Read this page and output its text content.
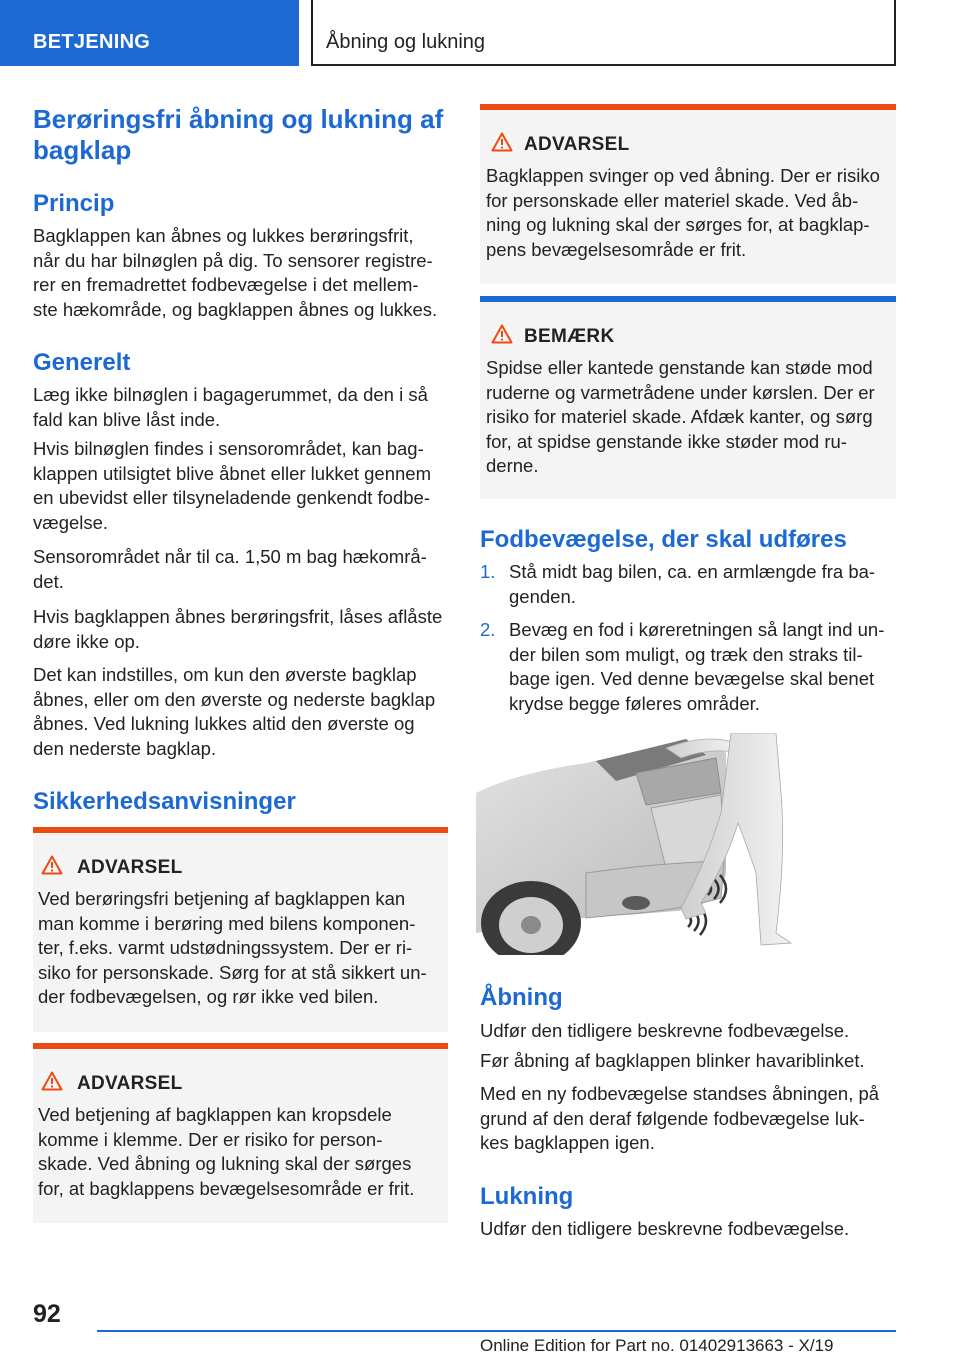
BETJENING	Åbning og lukning
Berøringsfri åbning og lukning af bagklap
Princip
Bagklappen kan åbnes og lukkes berøringsfrit,
når du har bilnøglen på dig. To sensorer registre-
rer en fremadrettet fodbevægelse i det mellem-
ste hækområde, og bagklappen åbnes og lukkes.
Generelt
Læg ikke bilnøglen i bagagerummet, da den i så
fald kan blive låst inde.
Hvis bilnøglen findes i sensorområdet, kan bag-
klappen utilsigtet blive åbnet eller lukket gennem
en ubevidst eller tilsyneladende genkendt fodbe-
vægelse.
Sensorområdet når til ca. 1,50 m bag hækområ-
det.
Hvis bagklappen åbnes berøringsfrit, låses aflåste
døre ikke op.
Det kan indstilles, om kun den øverste bagklap
åbnes, eller om den øverste og nederste bagklap
åbnes. Ved lukning lukkes altid den øverste og
den nederste bagklap.
Sikkerhedsanvisninger
ADVARSEL
Ved berøringsfri betjening af bagklappen kan
man komme i berøring med bilens komponen-
ter, f.eks. varmt udstødningssystem. Der er ri-
siko for personskade. Sørg for at stå sikkert un-
der fodbevægelsen, og rør ikke ved bilen.
ADVARSEL
Ved betjening af bagklappen kan kropsdele
komme i klemme. Der er risiko for person-
skade. Ved åbning og lukning skal der sørges
for, at bagklappens bevægelsesområde er frit.
ADVARSEL
Bagklappen svinger op ved åbning. Der er risiko
for personskade eller materiel skade. Ved åb-
ning og lukning skal der sørges for, at bagklap-
pens bevægelsesområde er frit.
BEMÆRK
Spidse eller kantede genstande kan støde mod
ruderne og varmetrådene under kørslen. Der er
risiko for materiel skade. Afdæk kanter, og sørg
for, at spidse genstande ikke støder mod ru-
derne.
Fodbevægelse, der skal udføres
1. Stå midt bag bilen, ca. en armlængde fra ba-
genden.
2. Bevæg en fod i køreretningen så langt ind un-
der bilen som muligt, og træk den straks til-
bage igen. Ved denne bevægelse skal benet
krydse begge føleres områder.
Åbning
Udfør den tidligere beskrevne fodbevægelse.
Før åbning af bagklappen blinker havariblinket.
Med en ny fodbevægelse standses åbningen, på
grund af den deraf følgende fodbevægelse luk-
kes bagklappen igen.
Lukning
Udfør den tidligere beskrevne fodbevægelse.
92
Online Edition for Part no. 01402913663 - X/19
